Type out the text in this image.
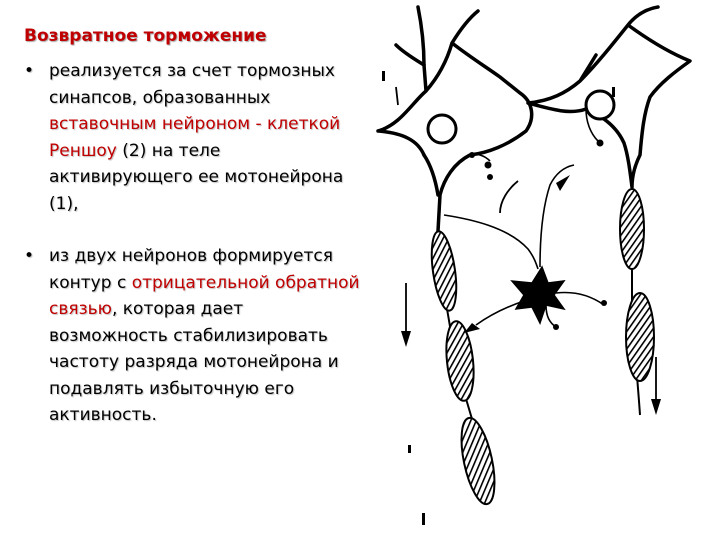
Возвратное торможение
• реализуется за счет тормозных синапсов, образованных вставочным нейроном - клеткой Реншоу (2) на теле активирующего ее мотонейрона (1),
• из двух нейронов формируется контур с отрицательной обратной связью, которая дает возможность стабилизировать частоту разряда мотонейрона и подавлять избыточную его активность.
